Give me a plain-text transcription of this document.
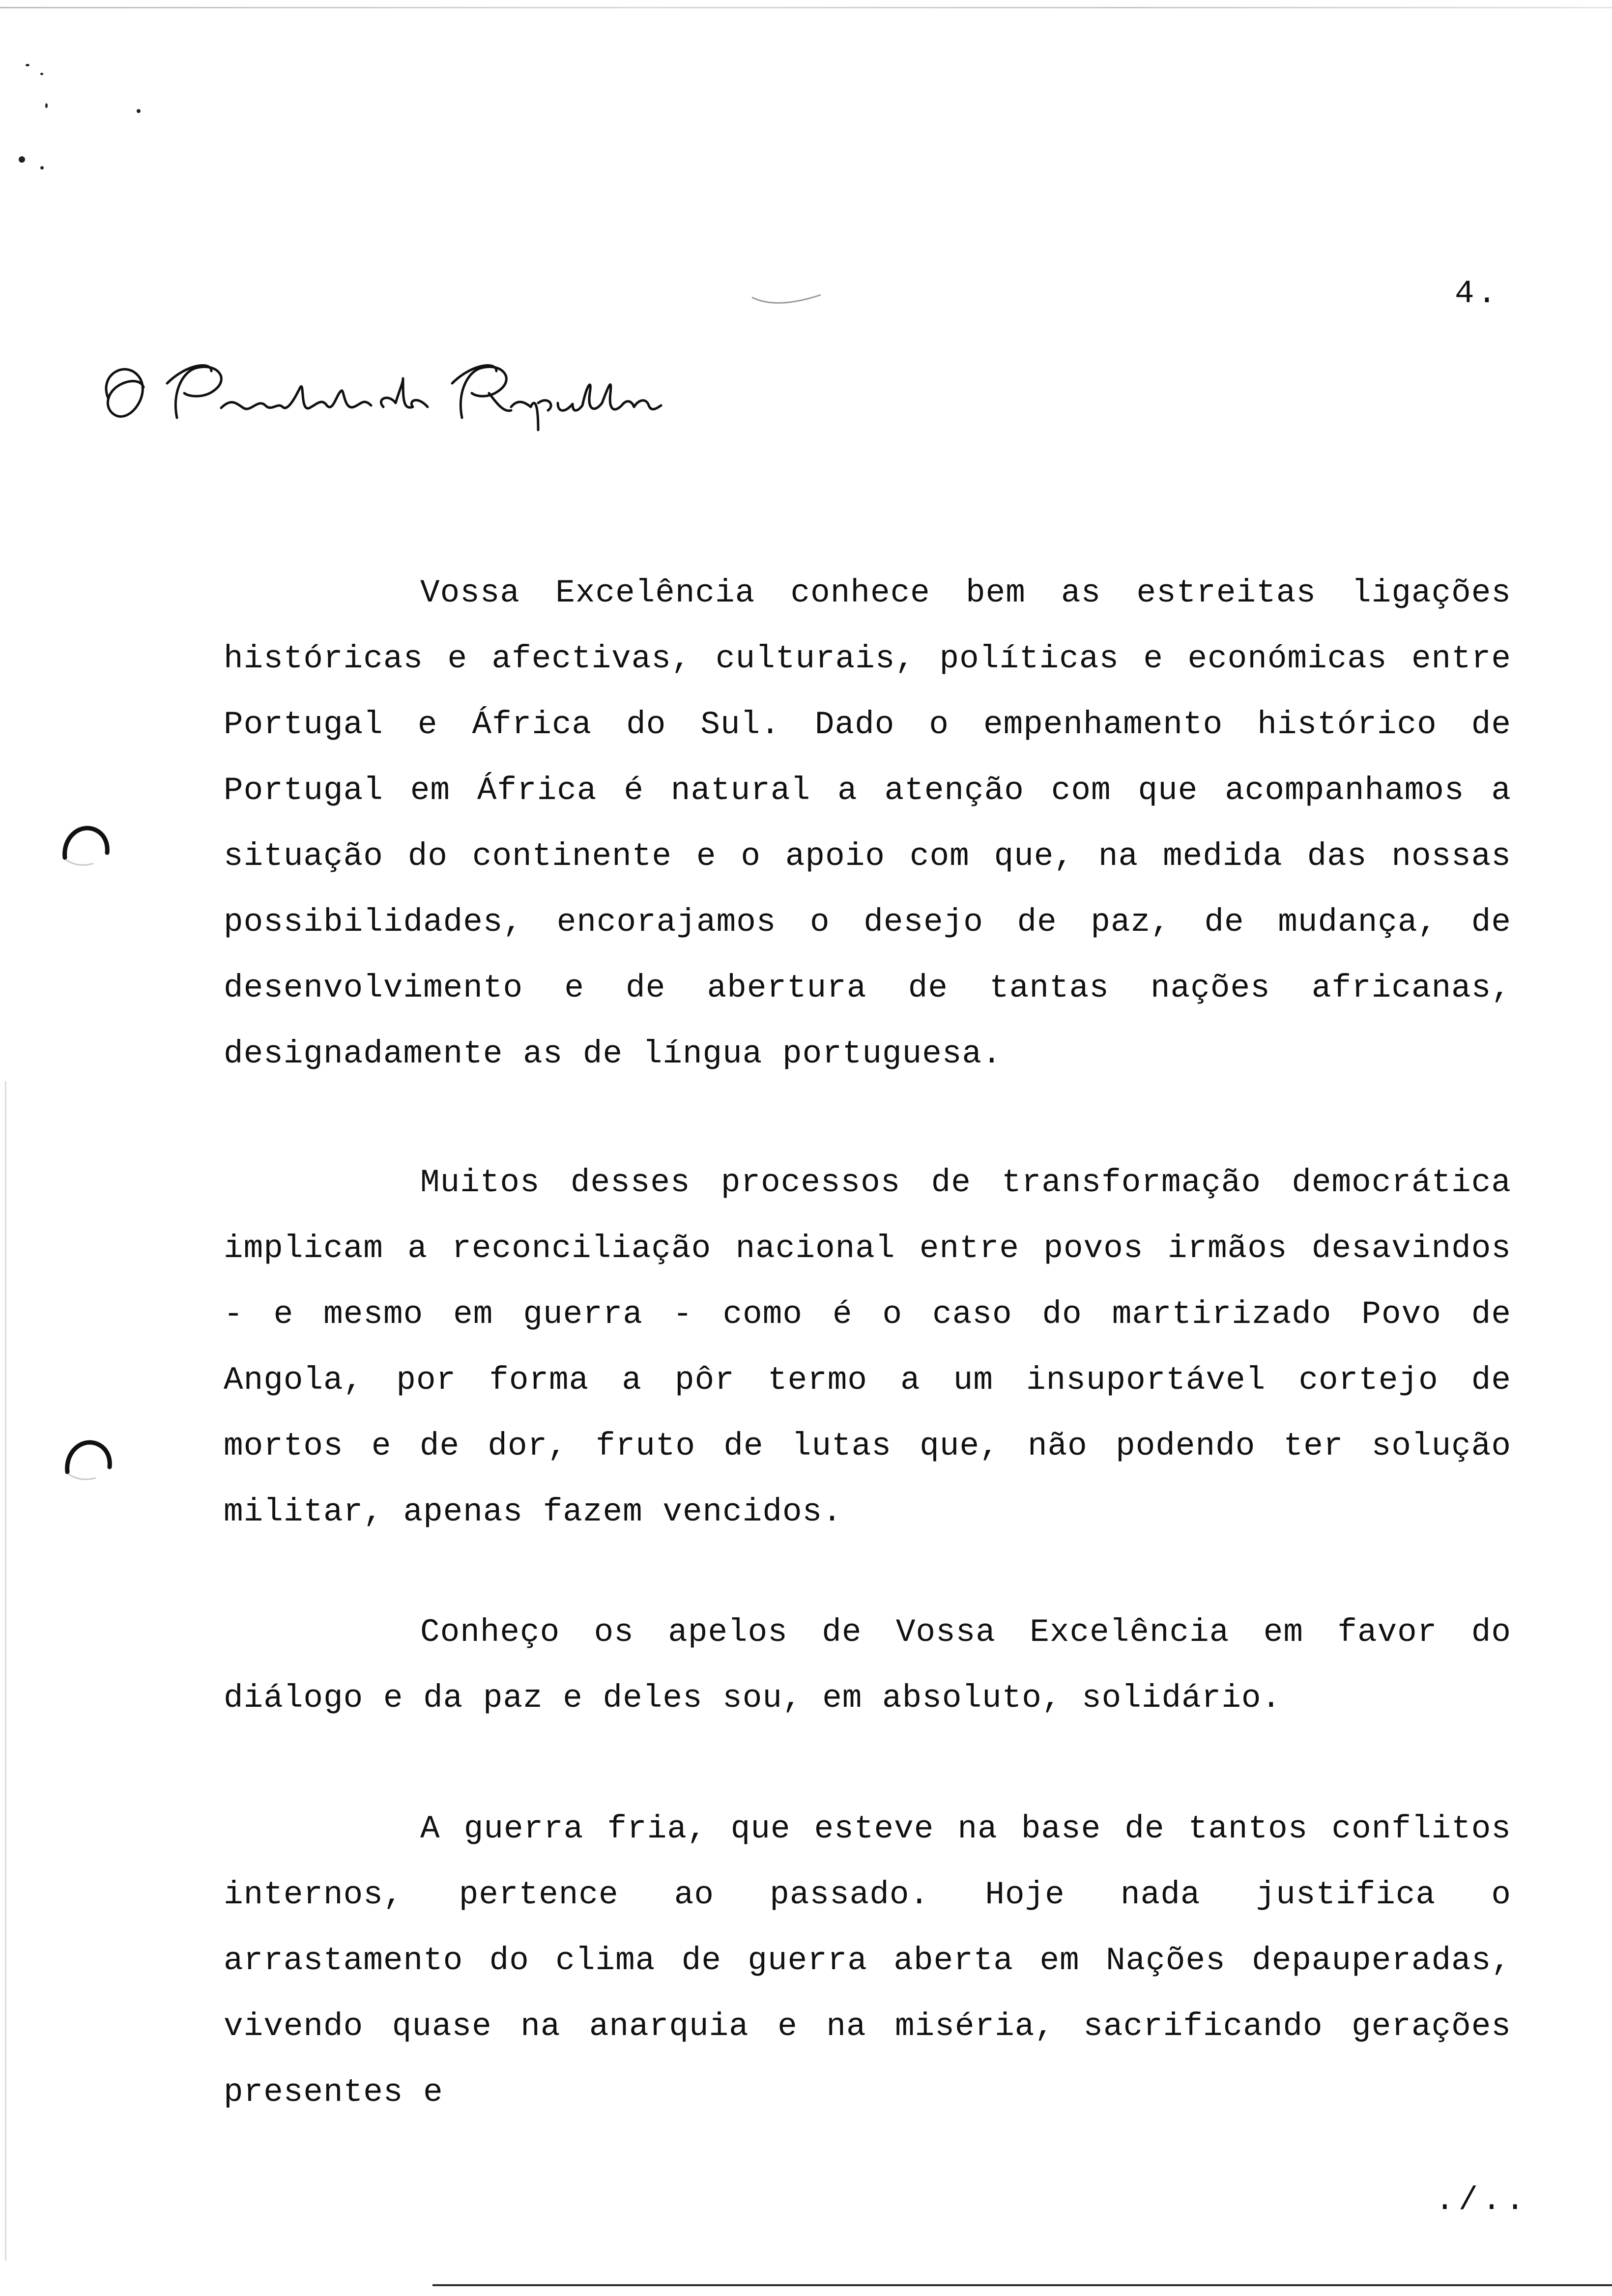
4.

Vossa Excelência conhece bem as estreitas ligações históricas e afectivas, culturais, políticas e económicas entre Portugal e África do Sul. Dado o empenhamento histórico de Portugal em África é natural a atenção com que acompanhamos a situação do continente e o apoio com que, na medida das nossas possibilidades, encorajamos o desejo de paz, de mudança, de desenvolvimento e de abertura de tantas nações africanas, designadamente as de língua portuguesa.

Muitos desses processos de transformação democrática implicam a reconciliação nacional entre povos irmãos desavindos - e mesmo em guerra - como é o caso do martirizado Povo de Angola, por forma a pôr termo a um insuportável cortejo de mortos e de dor, fruto de lutas que, não podendo ter solução militar, apenas fazem vencidos.

Conheço os apelos de Vossa Excelência em favor do diálogo e da paz e deles sou, em absoluto, solidário.

A guerra fria, que esteve na base de tantos conflitos internos, pertence ao passado. Hoje nada justifica o arrastamento do clima de guerra aberta em Nações depauperadas, vivendo quase na anarquia e na miséria, sacrificando gerações presentes e

./..
